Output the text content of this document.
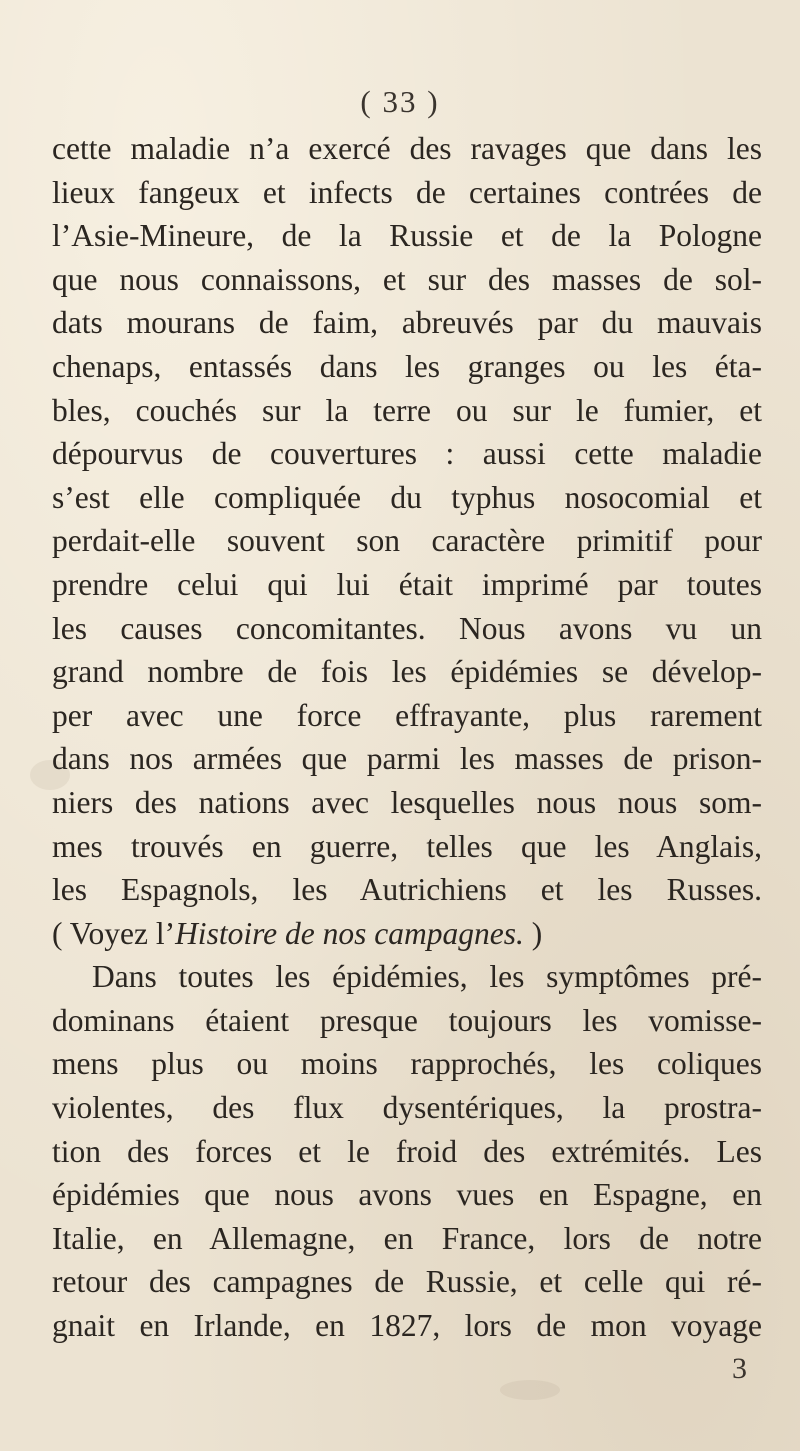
( 33 )
cette maladie n’a exercé des ravages que dans les
lieux fangeux et infects de certaines contrées de
l’Asie-Mineure, de la Russie et de la Pologne
que nous connaissons, et sur des masses de sol-
dats mourans de faim, abreuvés par du mauvais
chenaps, entassés dans les granges ou les éta-
bles, couchés sur la terre ou sur le fumier, et
dépourvus de couvertures : aussi cette maladie
s’est elle compliquée du typhus nosocomial et
perdait-elle souvent son caractère primitif pour
prendre celui qui lui était imprimé par toutes
les causes concomitantes. Nous avons vu un
grand nombre de fois les épidémies se dévelop-
per avec une force effrayante, plus rarement
dans nos armées que parmi les masses de prison-
niers des nations avec lesquelles nous nous som-
mes trouvés en guerre, telles que les Anglais,
les Espagnols, les Autrichiens et les Russes.
( Voyez l’Histoire de nos campagnes. )
Dans toutes les épidémies, les symptômes pré-
dominans étaient presque toujours les vomisse-
mens plus ou moins rapprochés, les coliques
violentes, des flux dysentériques, la prostra-
tion des forces et le froid des extrémités. Les
épidémies que nous avons vues en Espagne, en
Italie, en Allemagne, en France, lors de notre
retour des campagnes de Russie, et celle qui ré-
gnait en Irlande, en 1827, lors de mon voyage
3
